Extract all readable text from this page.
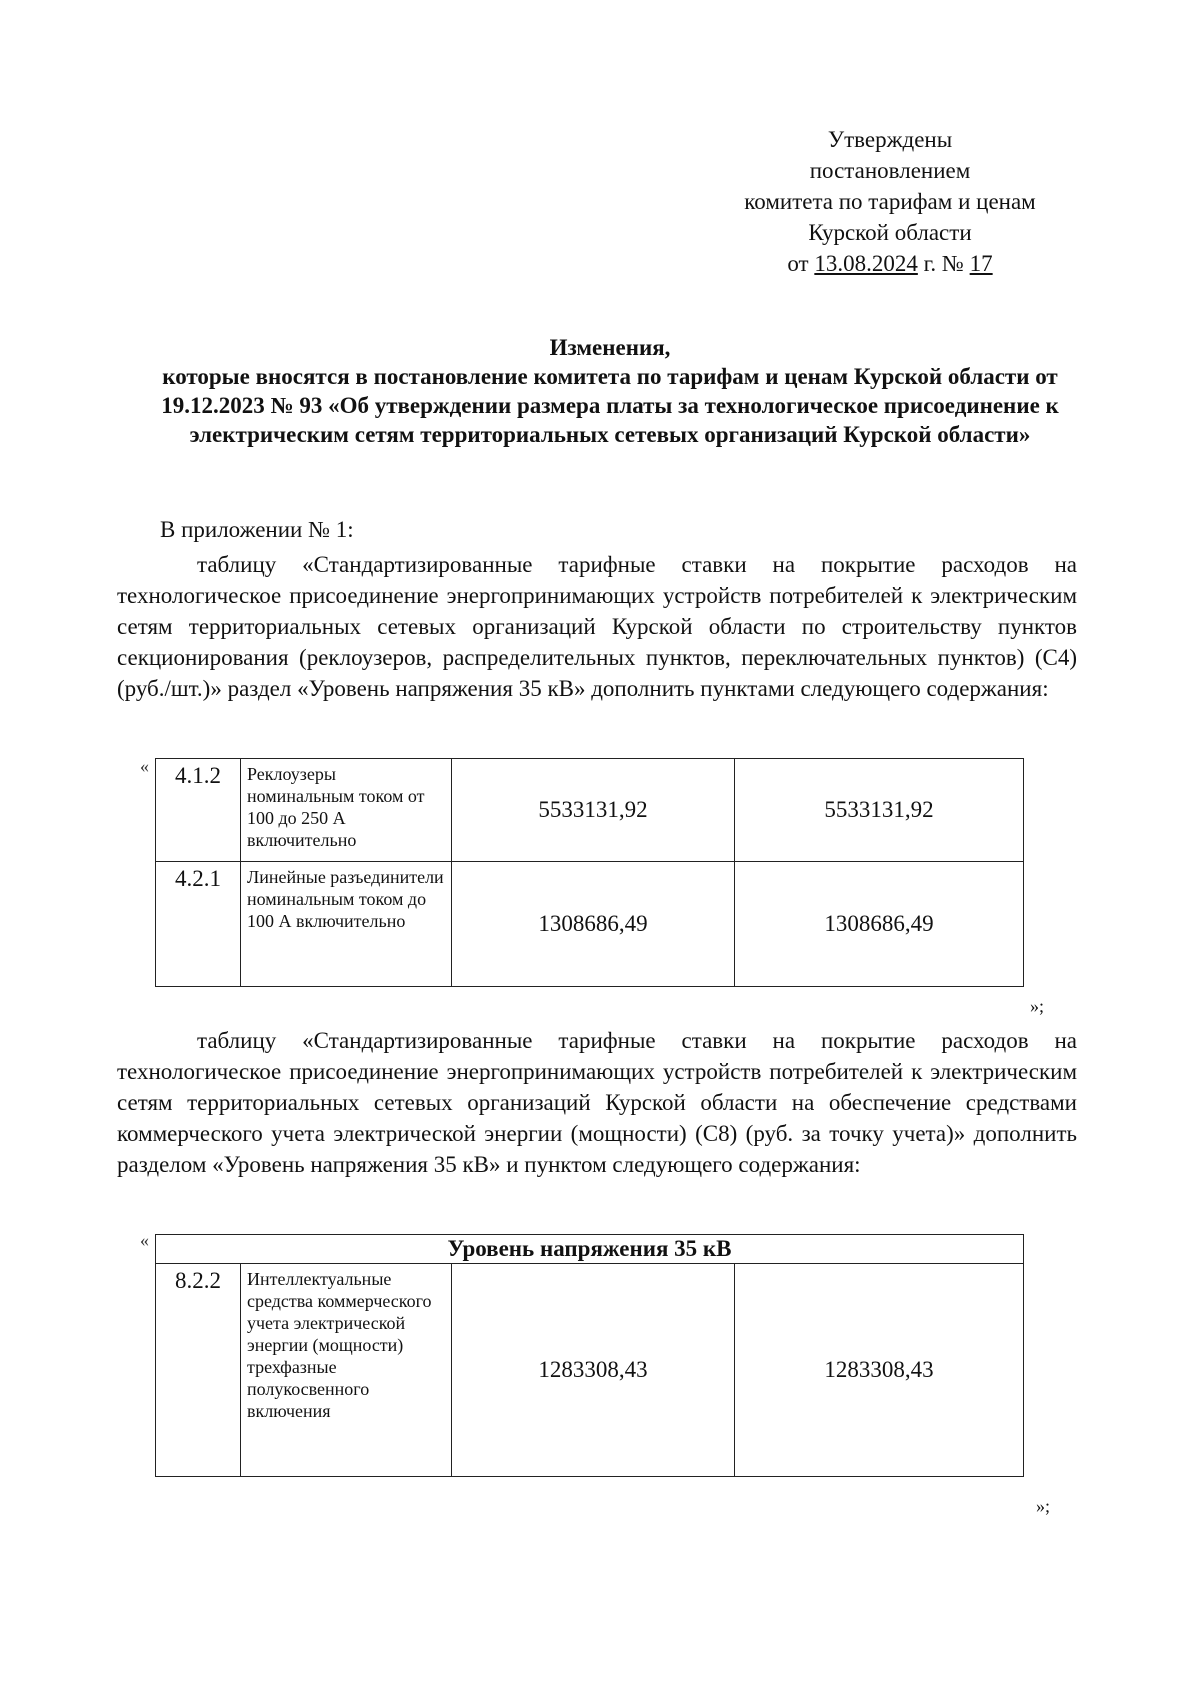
Утверждены
постановлением
комитета по тарифам и ценам
Курской области
от 13.08.2024 г. № 17
Изменения,
которые вносятся в постановление комитета по тарифам и ценам Курской области от 19.12.2023 № 93 «Об утверждении размера платы за технологическое присоединение к электрическим сетям территориальных сетевых организаций Курской области»
В приложении № 1:
таблицу «Стандартизированные тарифные ставки на покрытие расходов на технологическое присоединение энергопринимающих устройств потребителей к электрическим сетям территориальных сетевых организаций Курской области по строительству пунктов секционирования (реклоузеров, распределительных пунктов, переключательных пунктов) (С4) (руб./шт.)» раздел «Уровень напряжения 35 кВ» дополнить пунктами следующего содержания:
« 4.1.2	Реклоузеры номинальным током от 100 до 250 А включительно	5533131,92	5533131,92
4.2.1	Линейные разъединители номинальным током до 100 А включительно	1308686,49	1308686,49
»;
таблицу «Стандартизированные тарифные ставки на покрытие расходов на технологическое присоединение энергопринимающих устройств потребителей к электрическим сетям территориальных сетевых организаций Курской области на обеспечение средствами коммерческого учета электрической энергии (мощности) (С8) (руб. за точку учета)» дополнить разделом «Уровень напряжения 35 кВ» и пунктом следующего содержания:
«	Уровень напряжения 35 кВ
8.2.2	Интеллектуальные средства коммерческого учета электрической энергии (мощности) трехфазные полукосвенного включения	1283308,43	1283308,43
»;
